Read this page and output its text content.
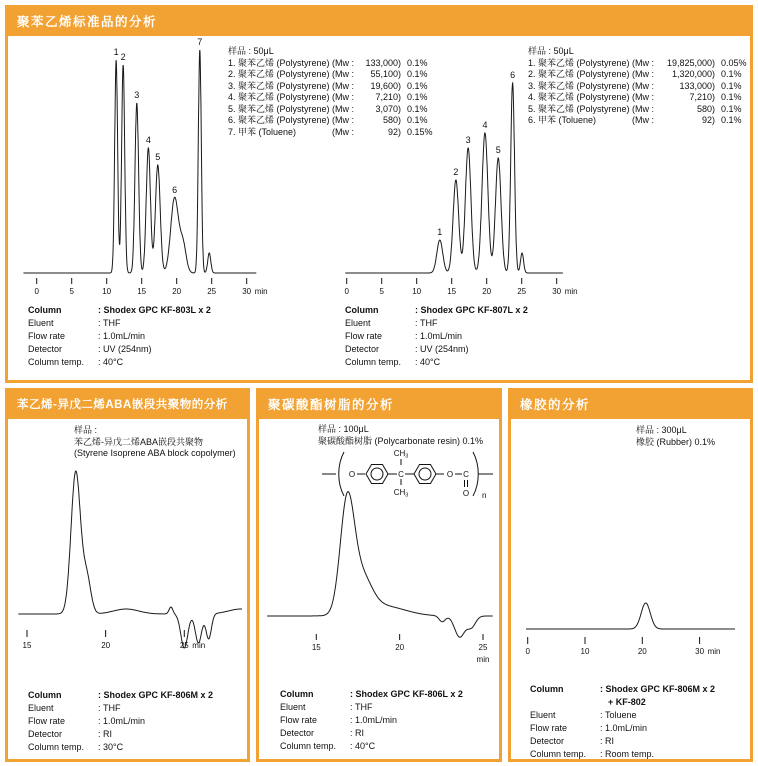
聚苯乙烯标准品的分析
0	5	10	15	20	25	30 min
1 2
3
4
5
6
7
样品 : 50μL
1. 聚苯乙烯 (Polystyrene) (Mw : 133,000) 0.1%
2. 聚苯乙烯 (Polystyrene) (Mw : 55,100) 0.1%
3. 聚苯乙烯 (Polystyrene) (Mw : 19,600) 0.1%
4. 聚苯乙烯 (Polystyrene) (Mw : 7,210) 0.1%
5. 聚苯乙烯 (Polystyrene) (Mw : 3,070) 0.1%
6. 聚苯乙烯 (Polystyrene) (Mw :	580) 0.1%
7. 甲苯 (Toluene)	(Mw :	92) 0.15%
Column	: Shodex GPC KF-803L x 2
Eluent	: THF
Flow rate	: 1.0mL/min
Detector	: UV (254nm)
Column temp.	: 40°C
0	5	10	15	20	25	30 min
1
2
3
4
5
6
样品 : 50μL
1. 聚苯乙烯 (Polystyrene) (Mw : 19,825,000) 0.05%
2. 聚苯乙烯 (Polystyrene) (Mw : 1,320,000) 0.1%
3. 聚苯乙烯 (Polystyrene) (Mw :	133,000) 0.1%
4. 聚苯乙烯 (Polystyrene) (Mw :	7,210) 0.1%
5. 聚苯乙烯 (Polystyrene) (Mw :	580) 0.1%
6. 甲苯 (Toluene)	(Mw :	92) 0.1%
Column	: Shodex GPC KF-807L x 2
Eluent	: THF
Flow rate	: 1.0mL/min
Detector	: UV (254nm)
Column temp.	: 40°C
苯乙烯-异戊二烯ABA嵌段共聚物的分析
样品 :
苯乙烯-异戊二烯ABA嵌段共聚物
(Styrene Isoprene ABA block copolymer)
15	20	25 min
Column	: Shodex GPC KF-806M x 2
Eluent	: THF
Flow rate	: 1.0mL/min
Detector	: RI
Column temp.	: 30°C
聚碳酸酯树脂的分析
样品 : 100μL
聚碳酸酯树脂 (Polycarbonate resin) 0.1%
O	C
CH3
CH3
O C
O n
15	20	25
min
Column	: Shodex GPC KF-806L x 2
Eluent	: THF
Flow rate	: 1.0mL/min
Detector	: RI
Column temp.	: 40°C
橡胶的分析
样品 : 300μL
橡胶 (Rubber) 0.1%
0	10	20	30 min
Column	: Shodex GPC KF-806M x 2
+ KF-802
Eluent	: Toluene
Flow rate	: 1.0mL/min
Detector	: RI
Column temp.	: Room temp.
